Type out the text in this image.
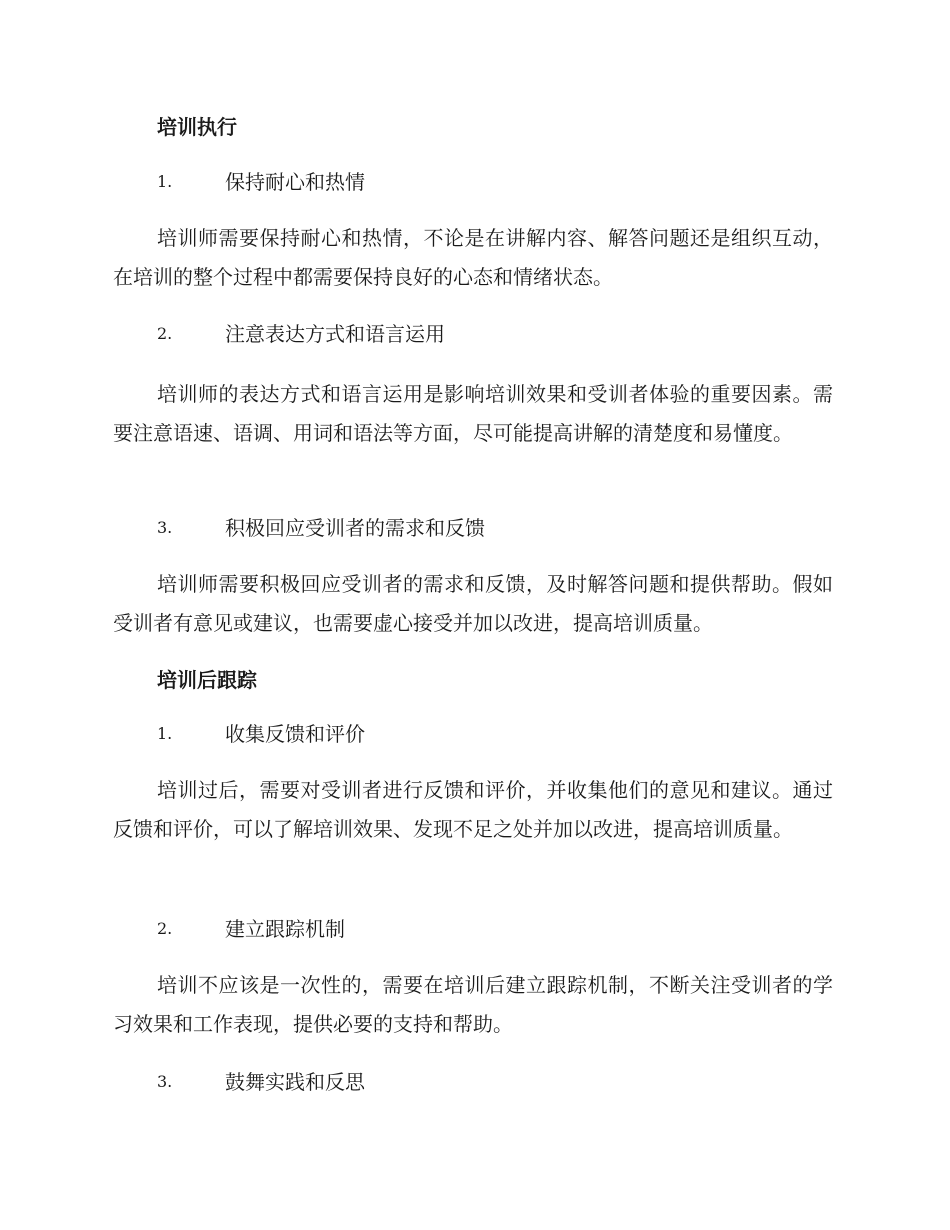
培训执行
1.	保持耐心和热情

培训师需要保持耐心和热情，不论是在讲解内容、解答问题还是组织互动，在培训的整个过程中都需要保持良好的心态和情绪状态。

2.	注意表达方式和语言运用

培训师的表达方式和语言运用是影响培训效果和受训者体验的重要因素。需要注意语速、语调、用词和语法等方面，尽可能提高讲解的清楚度和易懂度。

3.	积极回应受训者的需求和反馈

培训师需要积极回应受训者的需求和反馈，及时解答问题和提供帮助。假如受训者有意见或建议，也需要虚心接受并加以改进，提高培训质量。

培训后跟踪
1.	收集反馈和评价

培训过后，需要对受训者进行反馈和评价，并收集他们的意见和建议。通过反馈和评价，可以了解培训效果、发现不足之处并加以改进，提高培训质量。

2.	建立跟踪机制

培训不应该是一次性的，需要在培训后建立跟踪机制，不断关注受训者的学习效果和工作表现，提供必要的支持和帮助。

3.	鼓舞实践和反思
